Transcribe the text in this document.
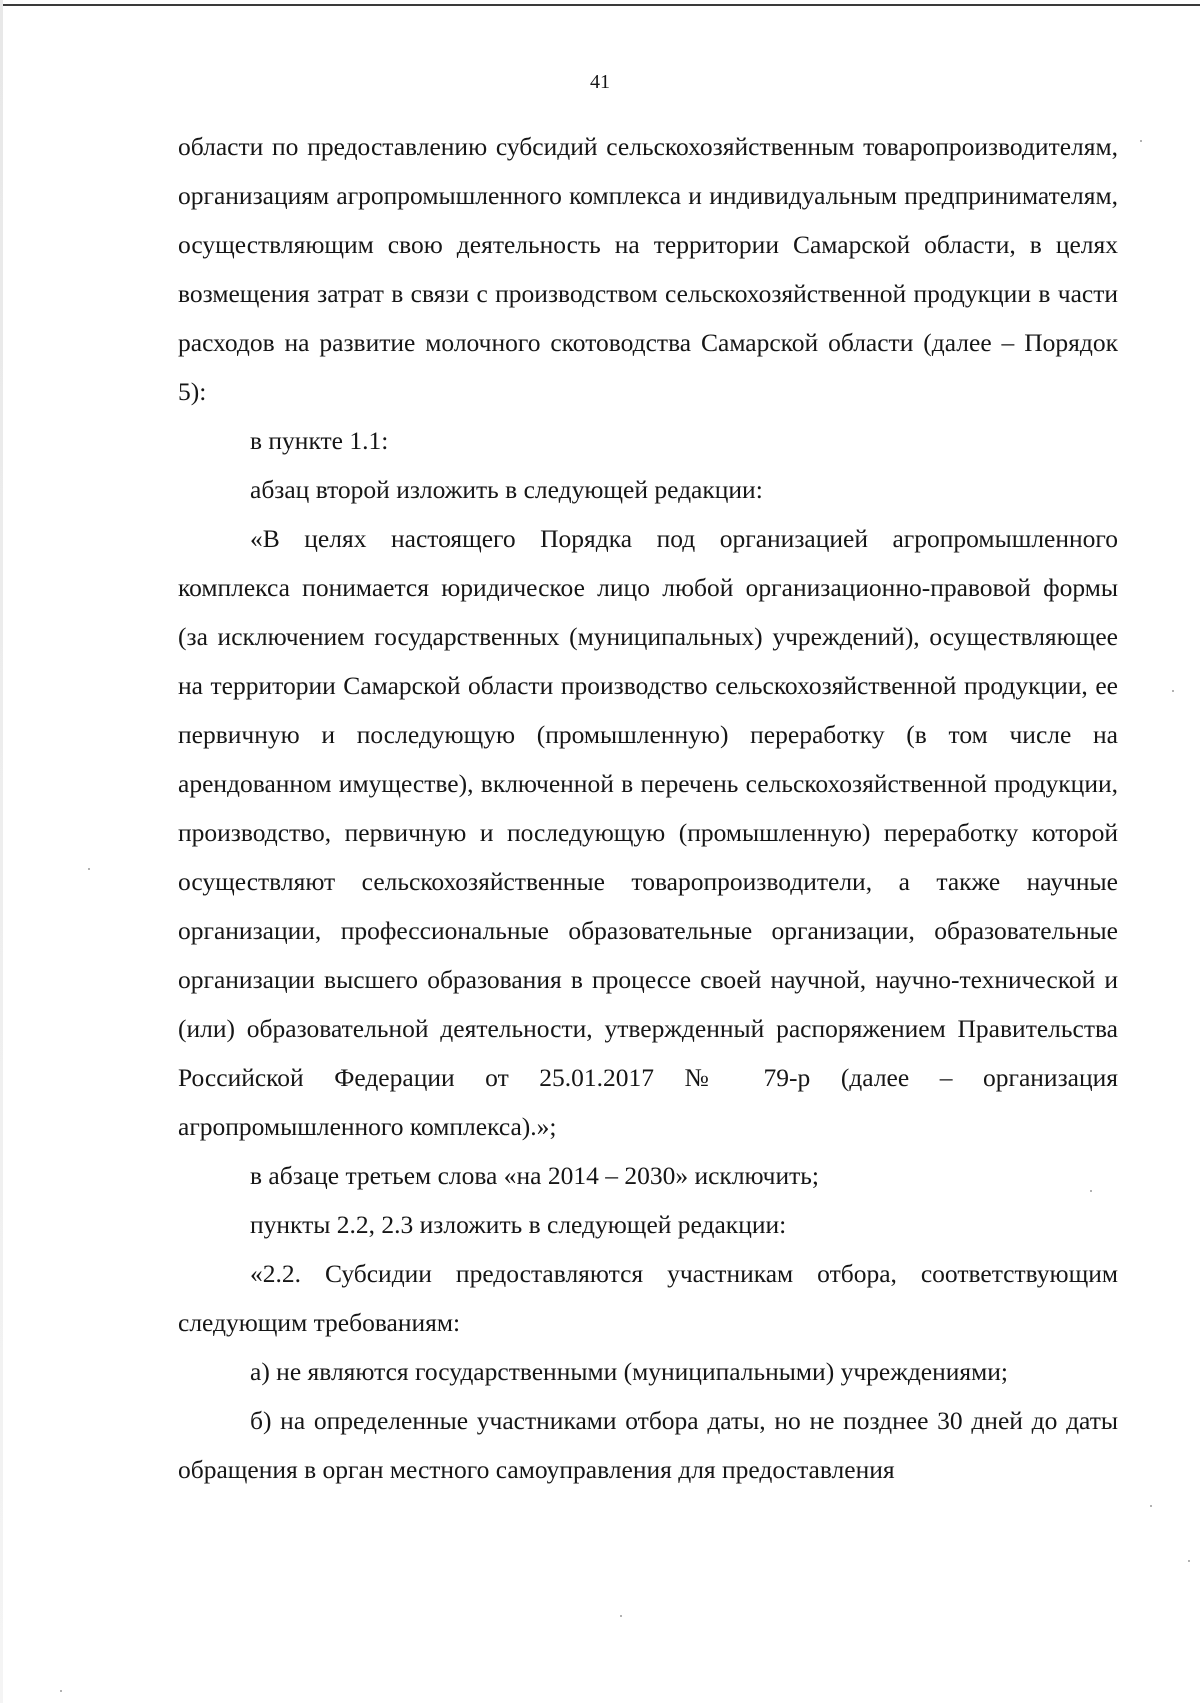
41

области по предоставлению субсидий сельскохозяйственным товаропроизводителям, организациям агропромышленного комплекса и индивидуальным предпринимателям, осуществляющим свою деятельность на территории Самарской области, в целях возмещения затрат в связи с производством сельскохозяйственной продукции в части расходов на развитие молочного скотоводства Самарской области (далее – Порядок 5):

в пункте 1.1:

абзац второй изложить в следующей редакции:

«В целях настоящего Порядка под организацией агропромышленного комплекса понимается юридическое лицо любой организационно-правовой формы (за исключением государственных (муниципальных) учреждений), осуществляющее на территории Самарской области производство сельскохозяйственной продукции, ее первичную и последующую (промышленную) переработку (в том числе на арендованном имуществе), включенной в перечень сельскохозяйственной продукции, производство, первичную и последующую (промышленную) переработку которой осуществляют сельскохозяйственные товаропроизводители, а также научные организации, профессиональные образовательные организации, образовательные организации высшего образования в процессе своей научной, научно-технической и (или) образовательной деятельности, утвержденный распоряжением Правительства Российской Федерации от 25.01.2017 № 79-р (далее – организация агропромышленного комплекса).»;

в абзаце третьем слова «на 2014 – 2030» исключить;

пункты 2.2, 2.3 изложить в следующей редакции:

«2.2. Субсидии предоставляются участникам отбора, соответствующим следующим требованиям:

а) не являются государственными (муниципальными) учреждениями;

б) на определенные участниками отбора даты, но не позднее 30 дней до даты обращения в орган местного самоуправления для предоставления
